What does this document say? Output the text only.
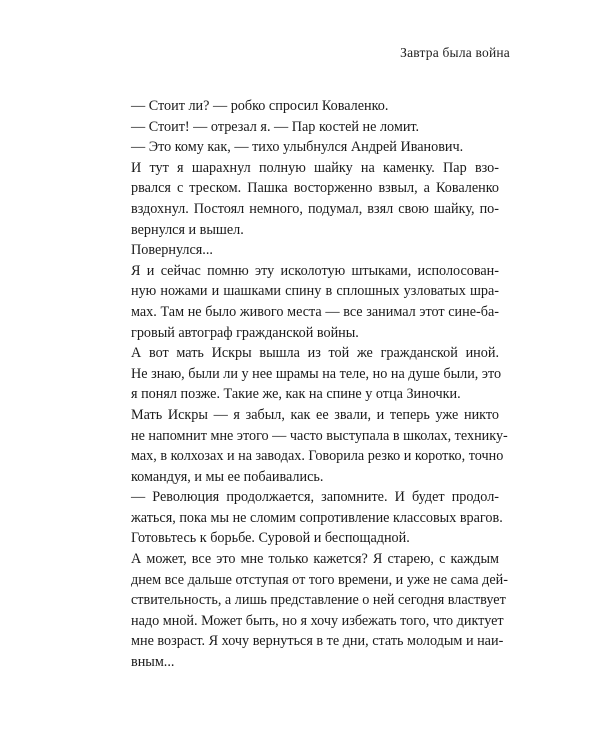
Завтра была война

— Стоит ли? — робко спросил Коваленко.

— Стоит! — отрезал я. — Пар костей не ломит.

— Это кому как, — тихо улыбнулся Андрей Иванович.

И тут я шарахнул полную шайку на каменку. Пар взо-
рвался с треском. Пашка восторженно взвыл, а Коваленко
вздохнул. Постоял немного, подумал, взял свою шайку, по-
вернулся и вышел.

Повернулся...

Я и сейчас помню эту исколотую штыками, исполосован-
ную ножами и шашками спину в сплошных узловатых шра-
мах. Там не было живого места — все занимал этот сине-ба-
гровый автограф гражданской войны.

А вот мать Искры вышла из той же гражданской иной.
Не знаю, были ли у нее шрамы на теле, но на душе были, это
я понял позже. Такие же, как на спине у отца Зиночки.

Мать Искры — я забыл, как ее звали, и теперь уже никто
не напомнит мне этого — часто выступала в школах, технику-
мах, в колхозах и на заводах. Говорила резко и коротко, точно
командуя, и мы ее побаивались.

— Революция продолжается, запомните. И будет продол-
жаться, пока мы не сломим сопротивление классовых врагов.
Готовьтесь к борьбе. Суровой и беспощадной.

А может, все это мне только кажется? Я старею, с каждым
днем все дальше отступая от того времени, и уже не сама дей-
ствительность, а лишь представление о ней сегодня властвует
надо мной. Может быть, но я хочу избежать того, что диктует
мне возраст. Я хочу вернуться в те дни, стать молодым и наи-
вным...
